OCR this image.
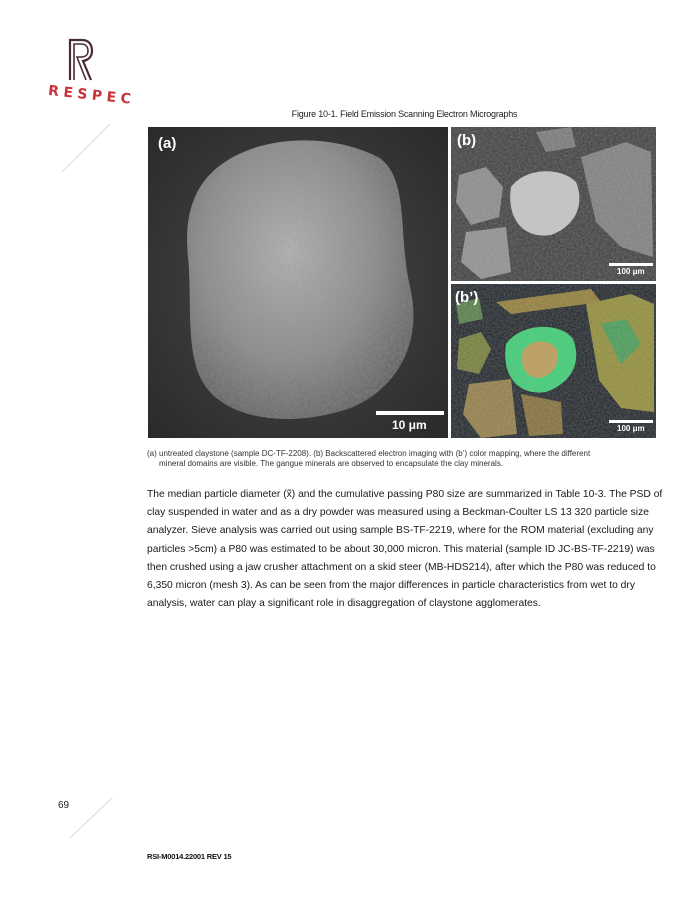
RESPEC
Figure 10-1. Field Emission Scanning Electron Micrographs
(a)
10 μm
(b)
100 μm
(b’)
100 μm
(a) untreated claystone (sample DC-TF-2208). (b) Backscattered electron imaging with (b’) color mapping, where the different
mineral domains are visible. The gangue minerals are observed to encapsulate the clay minerals.
The median particle diameter (x̃) and the cumulative passing P80 size are summarized in Table 10-3. The PSD of clay suspended in water and as a dry powder was measured using a Beckman-Coulter LS 13 320 particle size analyzer. Sieve analysis was carried out using sample BS-TF-2219, where for the ROM material (excluding any particles >5cm) a P80 was estimated to be about 30,000 micron. This material (sample ID JC-BS-TF-2219) was then crushed using a jaw crusher attachment on a skid steer (MB-HDS214), after which the P80 was reduced to 6,350 micron (mesh 3). As can be seen from the major differences in particle characteristics from wet to dry analysis, water can play a significant role in disaggregation of claystone agglomerates.
69
RSI-M0014.22001 REV 15
